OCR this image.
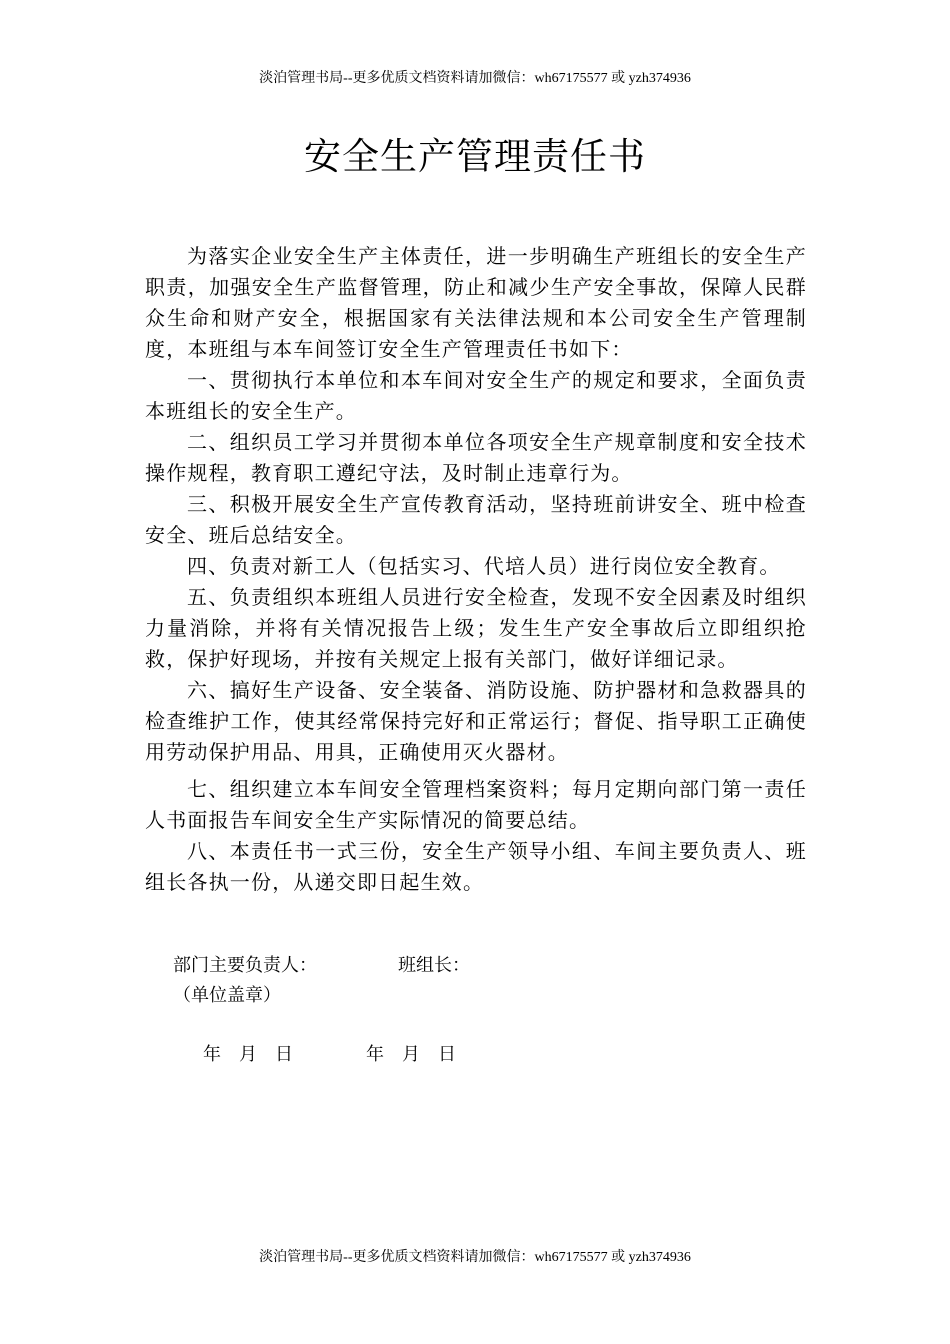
淡泊管理书局--更多优质文档资料请加微信：wh67175577 或 yzh374936
安全生产管理责任书

为落实企业安全生产主体责任，进一步明确生产班组长的安全生产职责，加强安全生产监督管理，防止和减少生产安全事故，保障人民群众生命和财产安全，根据国家有关法律法规和本公司安全生产管理制度，本班组与本车间签订安全生产管理责任书如下：

一、贯彻执行本单位和本车间对安全生产的规定和要求，全面负责本班组长的安全生产。

二、组织员工学习并贯彻本单位各项安全生产规章制度和安全技术操作规程，教育职工遵纪守法，及时制止违章行为。

三、积极开展安全生产宣传教育活动，坚持班前讲安全、班中检查安全、班后总结安全。

四、负责对新工人（包括实习、代培人员）进行岗位安全教育。

五、负责组织本班组人员进行安全检查，发现不安全因素及时组织力量消除，并将有关情况报告上级；发生生产安全事故后立即组织抢救，保护好现场，并按有关规定上报有关部门，做好详细记录。

六、搞好生产设备、安全装备、消防设施、防护器材和急救器具的检查维护工作，使其经常保持完好和正常运行；督促、指导职工正确使用劳动保护用品、用具，正确使用灭火器材。

七、组织建立本车间安全管理档案资料；每月定期向部门第一责任人书面报告车间安全生产实际情况的简要总结。

八、本责任书一式三份，安全生产领导小组、车间主要负责人、班组长各执一份，从递交即日起生效。

部门主要负责人：	班组长：
（单位盖章）
年　月　日	年　月　日
淡泊管理书局--更多优质文档资料请加微信：wh67175577 或 yzh374936
